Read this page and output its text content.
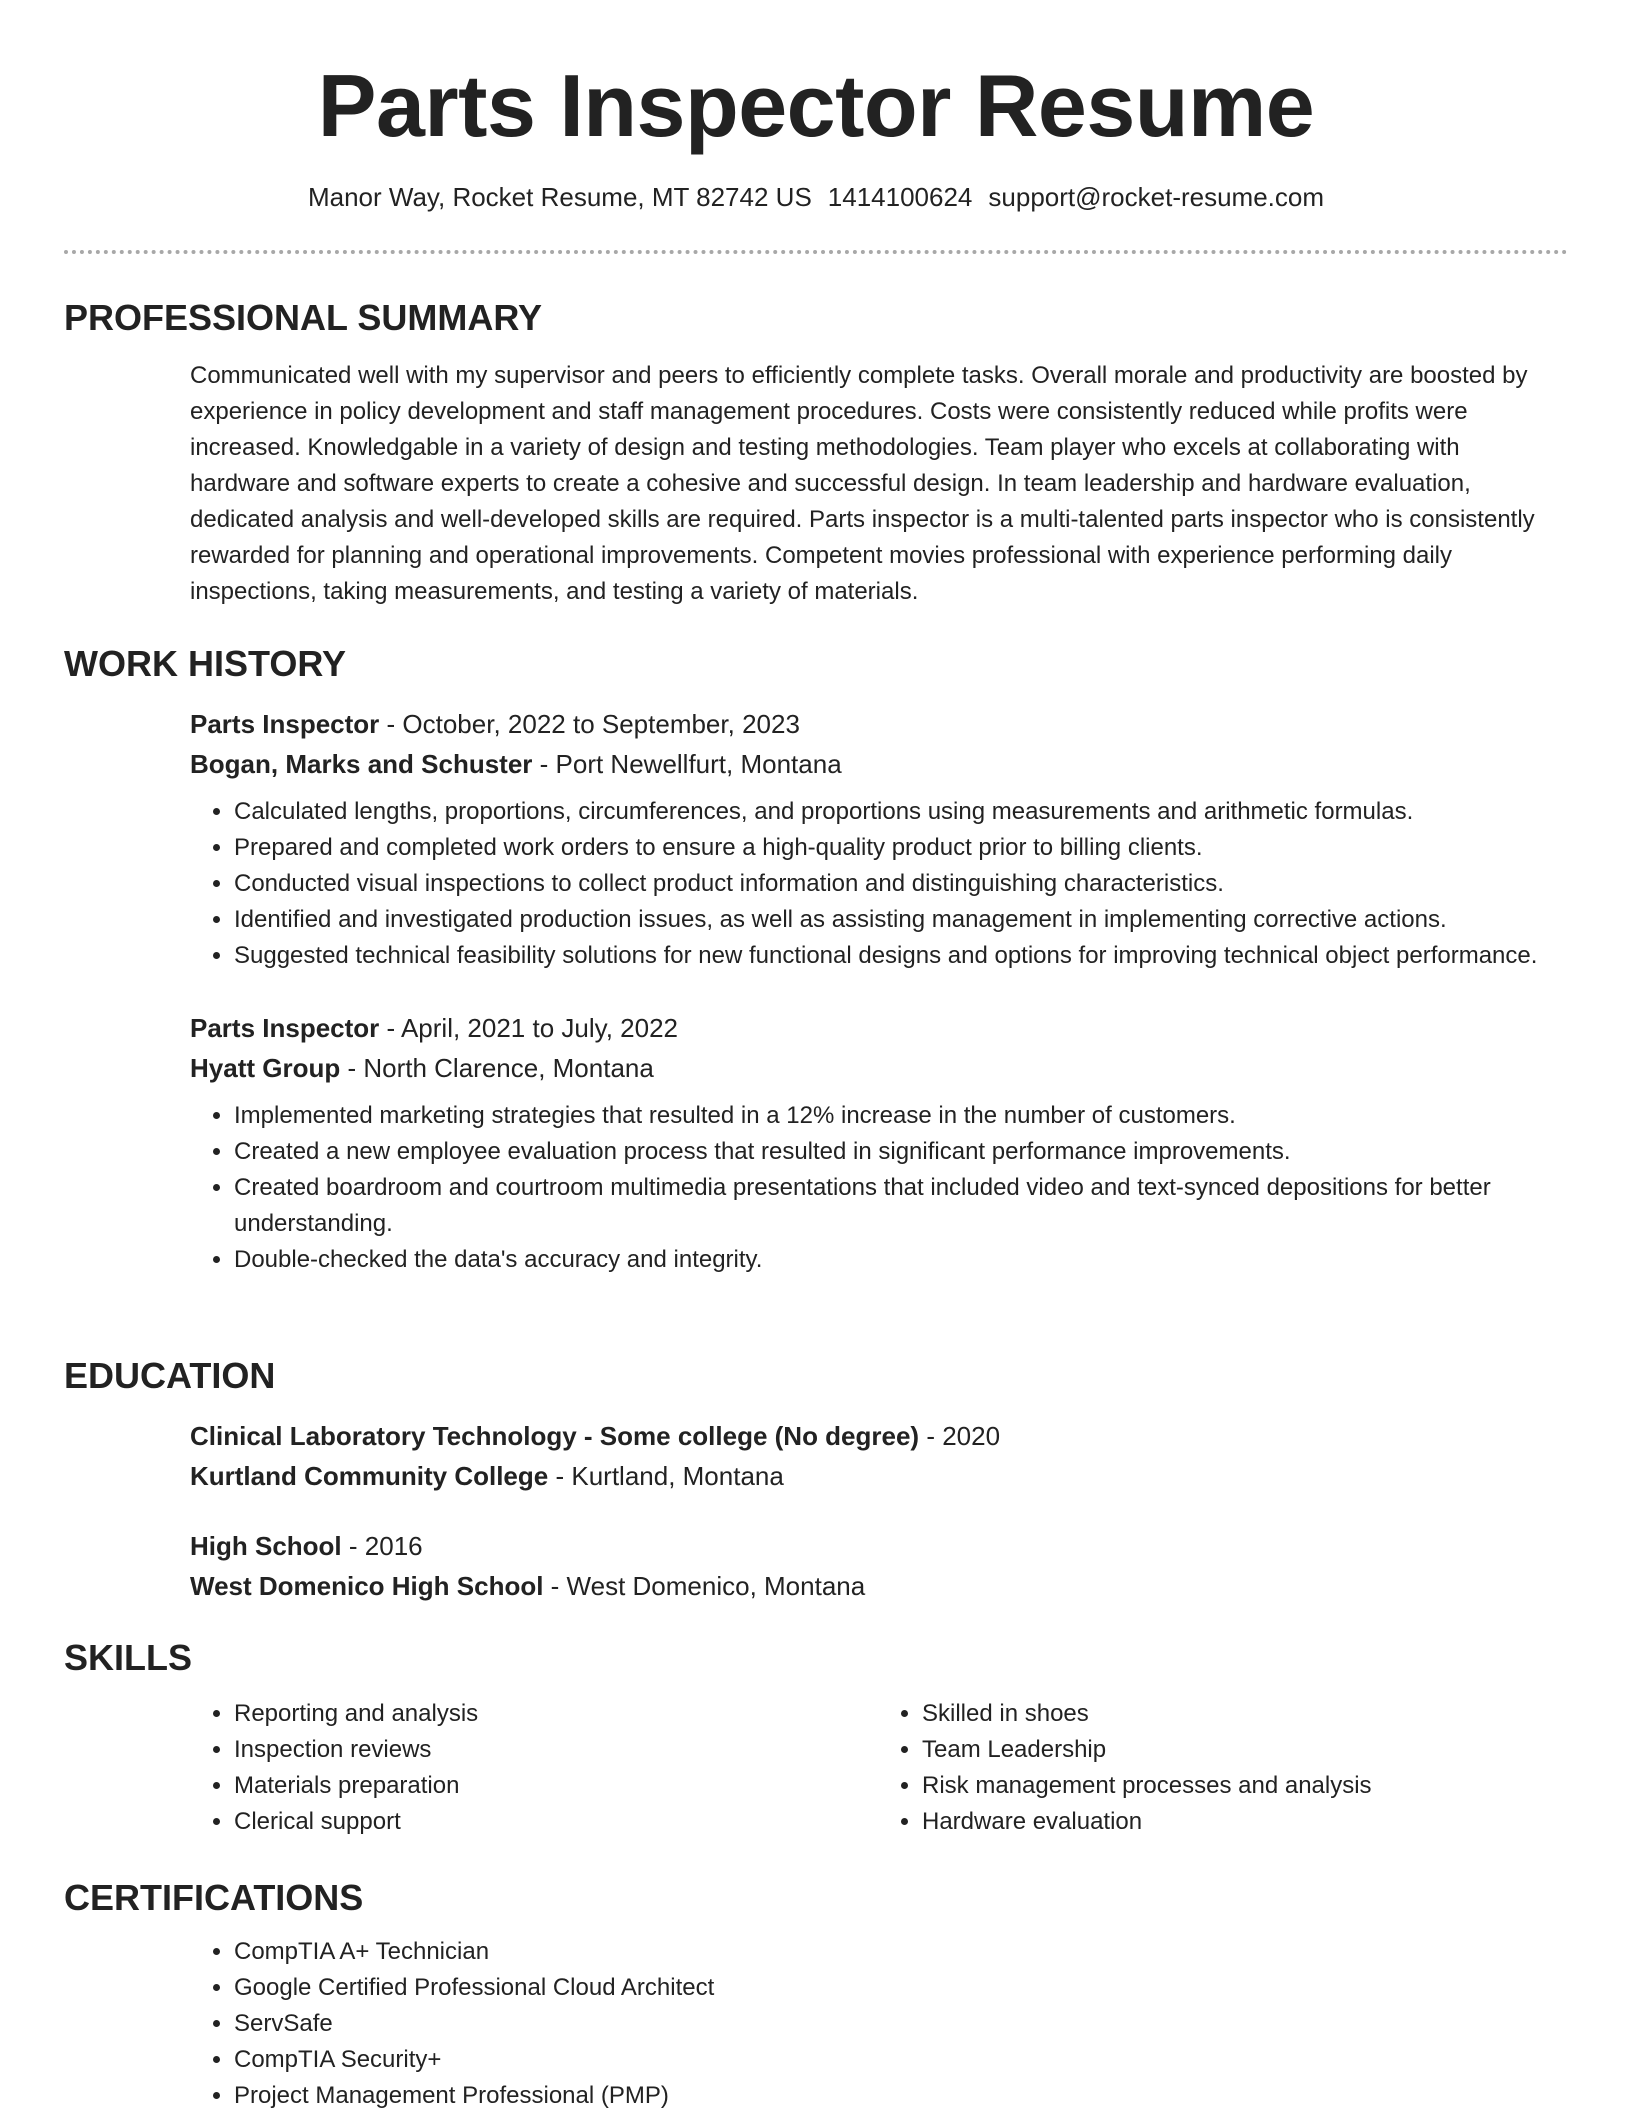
Parts Inspector Resume
Manor Way, Rocket Resume, MT 82742 US 1414100624 support@rocket-resume.com
PROFESSIONAL SUMMARY

Communicated well with my supervisor and peers to efficiently complete tasks. Overall morale and productivity are boosted by experience in policy development and staff management procedures. Costs were consistently reduced while profits were increased. Knowledgable in a variety of design and testing methodologies. Team player who excels at collaborating with hardware and software experts to create a cohesive and successful design. In team leadership and hardware evaluation, dedicated analysis and well-developed skills are required. Parts inspector is a multi-talented parts inspector who is consistently rewarded for planning and operational improvements. Competent movies professional with experience performing daily inspections, taking measurements, and testing a variety of materials.

WORK HISTORY

Parts Inspector - October, 2022 to September, 2023

Bogan, Marks and Schuster - Port Newellfurt, Montana

• Calculated lengths, proportions, circumferences, and proportions using measurements and arithmetic formulas.
• Prepared and completed work orders to ensure a high-quality product prior to billing clients.
• Conducted visual inspections to collect product information and distinguishing characteristics.
• Identified and investigated production issues, as well as assisting management in implementing corrective actions.
• Suggested technical feasibility solutions for new functional designs and options for improving technical object performance.

Parts Inspector - April, 2021 to July, 2022

Hyatt Group - North Clarence, Montana

• Implemented marketing strategies that resulted in a 12% increase in the number of customers.
• Created a new employee evaluation process that resulted in significant performance improvements.
• Created boardroom and courtroom multimedia presentations that included video and text-synced depositions for better understanding.
• Double-checked the data's accuracy and integrity.
EDUCATION

Clinical Laboratory Technology - Some college (No degree) - 2020

Kurtland Community College - Kurtland, Montana

High School - 2016

West Domenico High School - West Domenico, Montana

SKILLS
• Reporting and analysis
• Inspection reviews
• Materials preparation
• Clerical support
• Skilled in shoes
• Team Leadership
• Risk management processes and analysis
• Hardware evaluation
CERTIFICATIONS
• CompTIA A+ Technician
• Google Certified Professional Cloud Architect
• ServSafe
• CompTIA Security+
• Project Management Professional (PMP)
